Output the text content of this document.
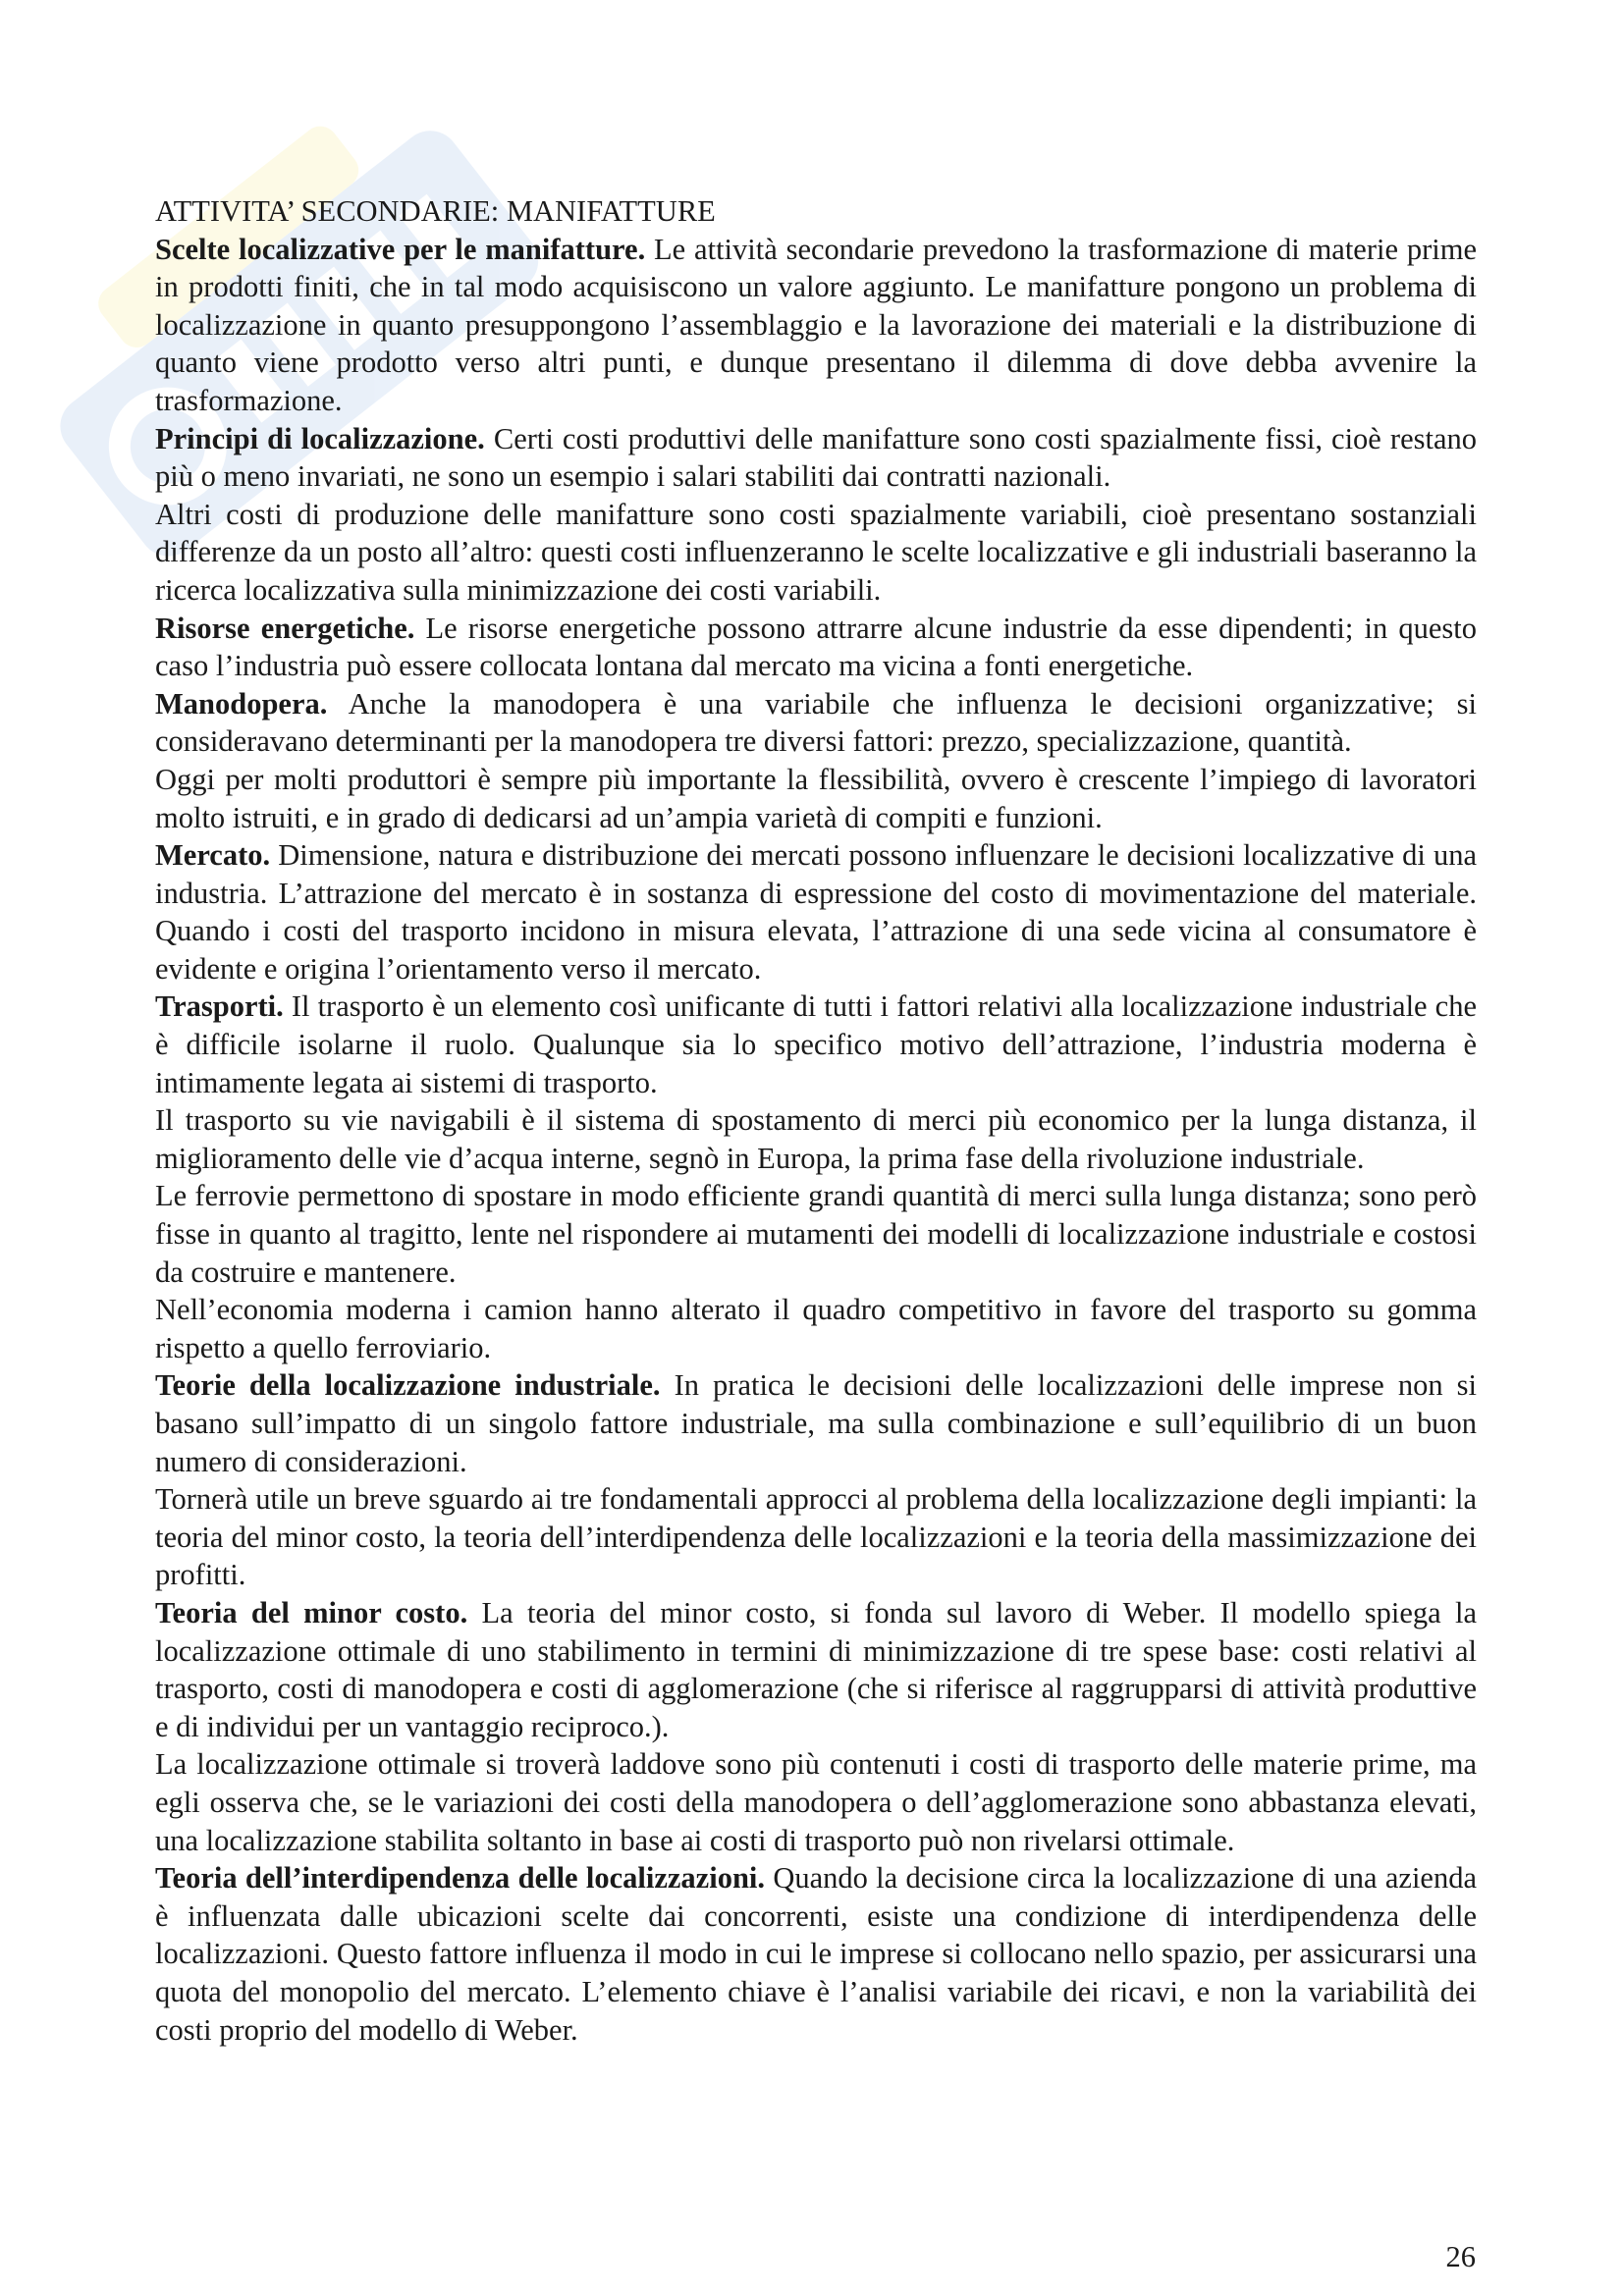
ATTIVITA’ SECONDARIE: MANIFATTURE

Scelte localizzative per le manifatture. Le attività secondarie prevedono la trasformazione di materie prime in prodotti finiti, che in tal modo acquisiscono un valore aggiunto. Le manifatture pongono un problema di localizzazione in quanto presuppongono l’assemblaggio e la lavorazione dei materiali e la distribuzione di quanto viene prodotto verso altri punti, e dunque presentano il dilemma di dove debba avvenire la trasformazione.

Principi di localizzazione. Certi costi produttivi delle manifatture sono costi spazialmente fissi, cioè restano più o meno invariati, ne sono un esempio i salari stabiliti dai contratti nazionali.

Altri costi di produzione delle manifatture sono costi spazialmente variabili, cioè presentano sostanziali differenze da un posto all’altro: questi costi influenzeranno le scelte localizzative e gli industriali baseranno la ricerca localizzativa sulla minimizzazione dei costi variabili.

Risorse energetiche. Le risorse energetiche possono attrarre alcune industrie da esse dipendenti; in questo caso l’industria può essere collocata lontana dal mercato ma vicina a fonti energetiche.

Manodopera. Anche la manodopera è una variabile che influenza le decisioni organizzative; si consideravano determinanti per la manodopera tre diversi fattori: prezzo, specializzazione, quantità.

Oggi per molti produttori è sempre più importante la flessibilità, ovvero è crescente l’impiego di lavoratori molto istruiti, e in grado di dedicarsi ad un’ampia varietà di compiti e funzioni.

Mercato. Dimensione, natura e distribuzione dei mercati possono influenzare le decisioni localizzative di una industria. L’attrazione del mercato è in sostanza di espressione del costo di movimentazione del materiale. Quando i costi del trasporto incidono in misura elevata, l’attrazione di una sede vicina al consumatore è evidente e origina l’orientamento verso il mercato.

Trasporti. Il trasporto è un elemento così unificante di tutti i fattori relativi alla localizzazione industriale che è difficile isolarne il ruolo. Qualunque sia lo specifico motivo dell’attrazione, l’industria moderna è intimamente legata ai sistemi di trasporto.

Il trasporto su vie navigabili è il sistema di spostamento di merci più economico per la lunga distanza, il miglioramento delle vie d’acqua interne, segnò in Europa, la prima fase della rivoluzione industriale.

Le ferrovie permettono di spostare in modo efficiente grandi quantità di merci sulla lunga distanza; sono però fisse in quanto al tragitto, lente nel rispondere ai mutamenti dei modelli di localizzazione industriale e costosi da costruire e mantenere.

Nell’economia moderna i camion hanno alterato il quadro competitivo in favore del trasporto su gomma rispetto a quello ferroviario.

Teorie della localizzazione industriale. In pratica le decisioni delle localizzazioni delle imprese non si basano sull’impatto di un singolo fattore industriale, ma sulla combinazione e sull’equilibrio di un buon numero di considerazioni.

Tornerà utile un breve sguardo ai tre fondamentali approcci al problema della localizzazione degli impianti: la teoria del minor costo, la teoria dell’interdipendenza delle localizzazioni e la teoria della massimizzazione dei profitti.

Teoria del minor costo. La teoria del minor costo, si fonda sul lavoro di Weber. Il modello spiega la localizzazione ottimale di uno stabilimento in termini di minimizzazione di tre spese base: costi relativi al trasporto, costi di manodopera e costi di agglomerazione (che si riferisce al raggrupparsi di attività produttive e di individui per un vantaggio reciproco.).

La localizzazione ottimale si troverà laddove sono più contenuti i costi di trasporto delle materie prime, ma egli osserva che, se le variazioni dei costi della manodopera o dell’agglomerazione sono abbastanza elevati, una localizzazione stabilita soltanto in base ai costi di trasporto può non rivelarsi ottimale.

Teoria dell’interdipendenza delle localizzazioni. Quando la decisione circa la localizzazione di una azienda è influenzata dalle ubicazioni scelte dai concorrenti, esiste una condizione di interdipendenza delle localizzazioni. Questo fattore influenza il modo in cui le imprese si collocano nello spazio, per assicurarsi una quota del monopolio del mercato. L’elemento chiave è l’analisi variabile dei ricavi, e non la variabilità dei costi proprio del modello di Weber.

26
